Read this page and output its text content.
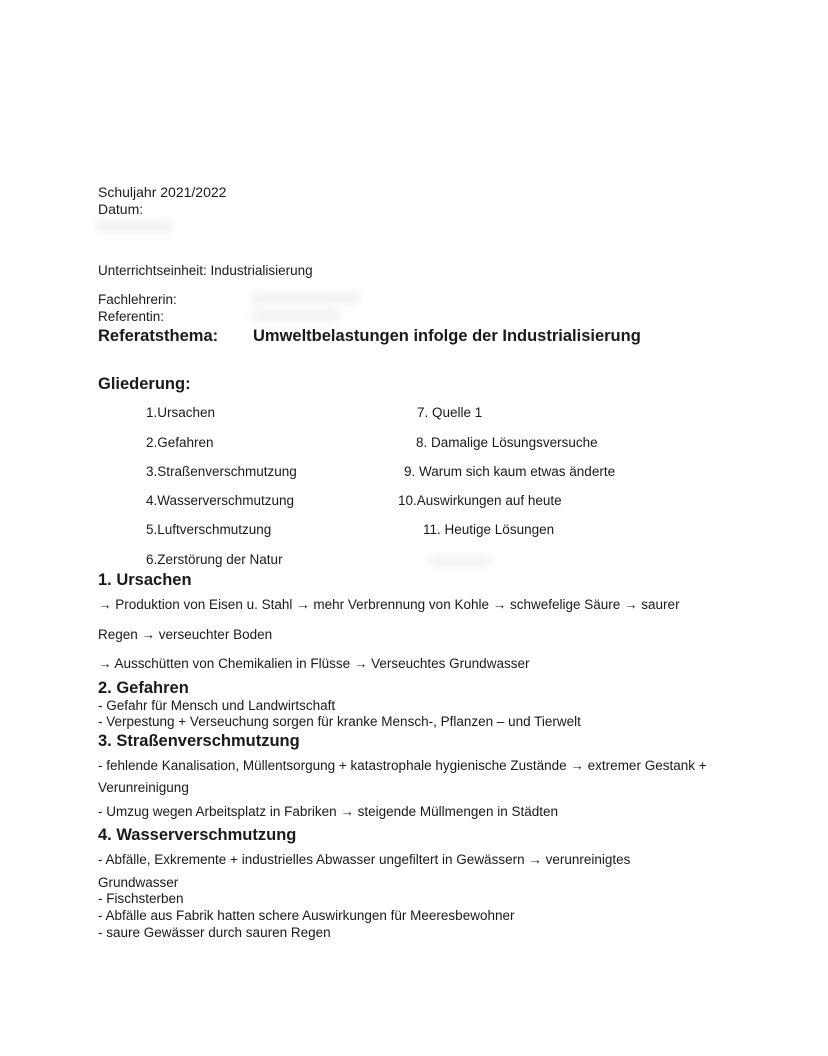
Schuljahr 2021/2022
Datum:
Unterrichtseinheit: Industrialisierung
Fachlehrerin:
Referentin:
Referatsthema: Umweltbelastungen infolge der Industrialisierung
Gliederung:
1.Ursachen
2.Gefahren
3.Straßenverschmutzung
4.Wasserverschmutzung
5.Luftverschmutzung
6.Zerstörung der Natur
7. Quelle 1
8. Damalige Lösungsversuche
9. Warum sich kaum etwas änderte
10.Auswirkungen auf heute
11. Heutige Lösungen
1. Ursachen
→ Produktion von Eisen u. Stahl → mehr Verbrennung von Kohle → schwefelige Säure → saurer
Regen → verseuchter Boden
→ Ausschütten von Chemikalien in Flüsse → Verseuchtes Grundwasser
2. Gefahren
- Gefahr für Mensch und Landwirtschaft
- Verpestung + Verseuchung sorgen für kranke Mensch-, Pflanzen – und Tierwelt
3. Straßenverschmutzung
- fehlende Kanalisation, Müllentsorgung + katastrophale hygienische Zustände → extremer Gestank +
Verunreinigung
- Umzug wegen Arbeitsplatz in Fabriken → steigende Müllmengen in Städten
4. Wasserverschmutzung
- Abfälle, Exkremente + industrielles Abwasser ungefiltert in Gewässern → verunreinigtes
Grundwasser
- Fischsterben
- Abfälle aus Fabrik hatten schere Auswirkungen für Meeresbewohner
- saure Gewässer durch sauren Regen
